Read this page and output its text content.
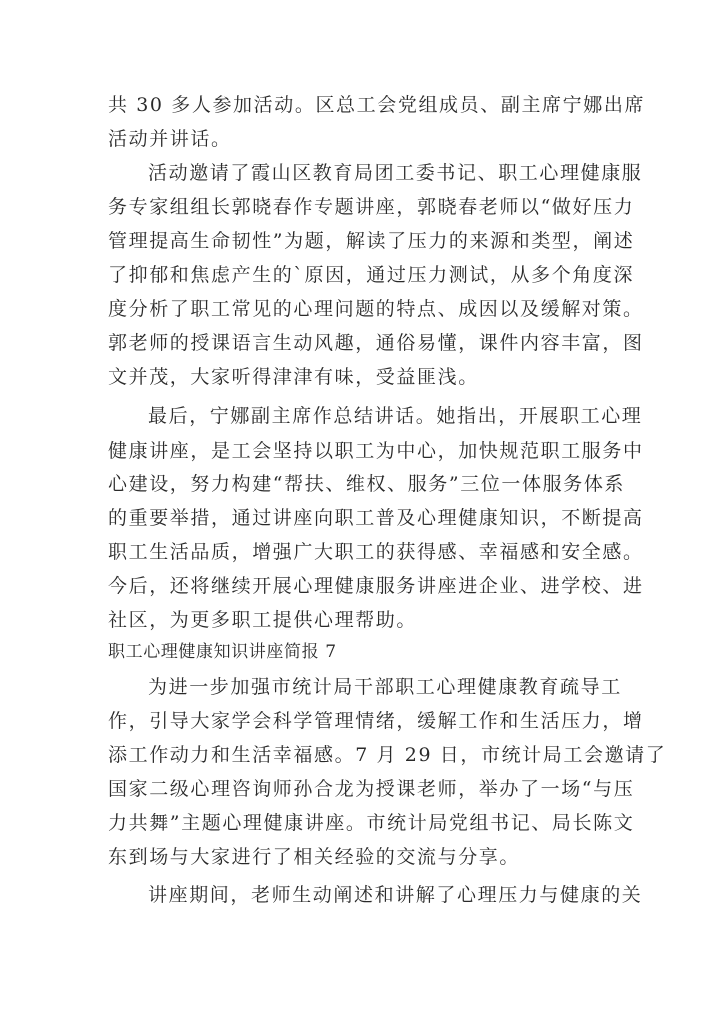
共 30 多人参加活动。区总工会党组成员、副主席宁娜出席
活动并讲话。
活动邀请了霞山区教育局团工委书记、职工心理健康服
务专家组组长郭晓春作专题讲座，郭晓春老师以“做好压力
管理提高生命韧性”为题，解读了压力的来源和类型，阐述
了抑郁和焦虑产生的`原因，通过压力测试，从多个角度深
度分析了职工常见的心理问题的特点、成因以及缓解对策。
郭老师的授课语言生动风趣，通俗易懂，课件内容丰富，图
文并茂，大家听得津津有味，受益匪浅。
最后，宁娜副主席作总结讲话。她指出，开展职工心理
健康讲座，是工会坚持以职工为中心，加快规范职工服务中
心建设，努力构建“帮扶、维权、服务”三位一体服务体系
的重要举措，通过讲座向职工普及心理健康知识，不断提高
职工生活品质，增强广大职工的获得感、幸福感和安全感。
今后，还将继续开展心理健康服务讲座进企业、进学校、进
社区，为更多职工提供心理帮助。
职工心理健康知识讲座简报 7
为进一步加强市统计局干部职工心理健康教育疏导工
作，引导大家学会科学管理情绪，缓解工作和生活压力，增
添工作动力和生活幸福感。7 月 29 日，市统计局工会邀请了
国家二级心理咨询师孙合龙为授课老师，举办了一场“与压
力共舞”主题心理健康讲座。市统计局党组书记、局长陈文
东到场与大家进行了相关经验的交流与分享。
讲座期间，老师生动阐述和讲解了心理压力与健康的关
